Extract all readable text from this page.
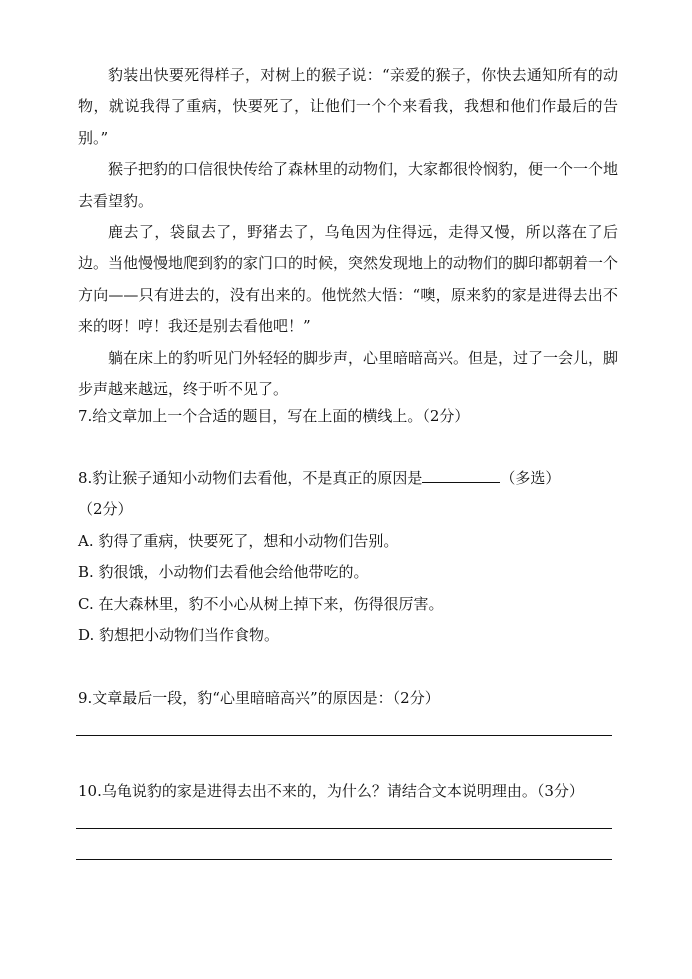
豹装出快要死得样子，对树上的猴子说：“亲爱的猴子，你快去通知所有的动物，就说我得了重病，快要死了，让他们一个个来看我，我想和他们作最后的告别。”

猴子把豹的口信很快传给了森林里的动物们，大家都很怜悯豹，便一个一个地去看望豹。

鹿去了，袋鼠去了，野猪去了，乌龟因为住得远，走得又慢，所以落在了后边。当他慢慢地爬到豹的家门口的时候，突然发现地上的动物们的脚印都朝着一个方向——只有进去的，没有出来的。他恍然大悟：“噢，原来豹的家是进得去出不来的呀！哼！我还是别去看他吧！”

躺在床上的豹听见门外轻轻的脚步声，心里暗暗高兴。但是，过了一会儿，脚步声越来越远，终于听不见了。

7.给文章加上一个合适的题目，写在上面的横线上。（2分）
8.豹让猴子通知小动物们去看他，不是真正的原因是	（多选）
（2分）
A. 豹得了重病，快要死了，想和小动物们告别。
B. 豹很饿，小动物们去看他会给他带吃的。
C. 在大森林里，豹不小心从树上掉下来，伤得很厉害。
D. 豹想把小动物们当作食物。
9.文章最后一段，豹“心里暗暗高兴”的原因是：（2分）
10.乌龟说豹的家是进得去出不来的，为什么？请结合文本说明理由。（3分）
